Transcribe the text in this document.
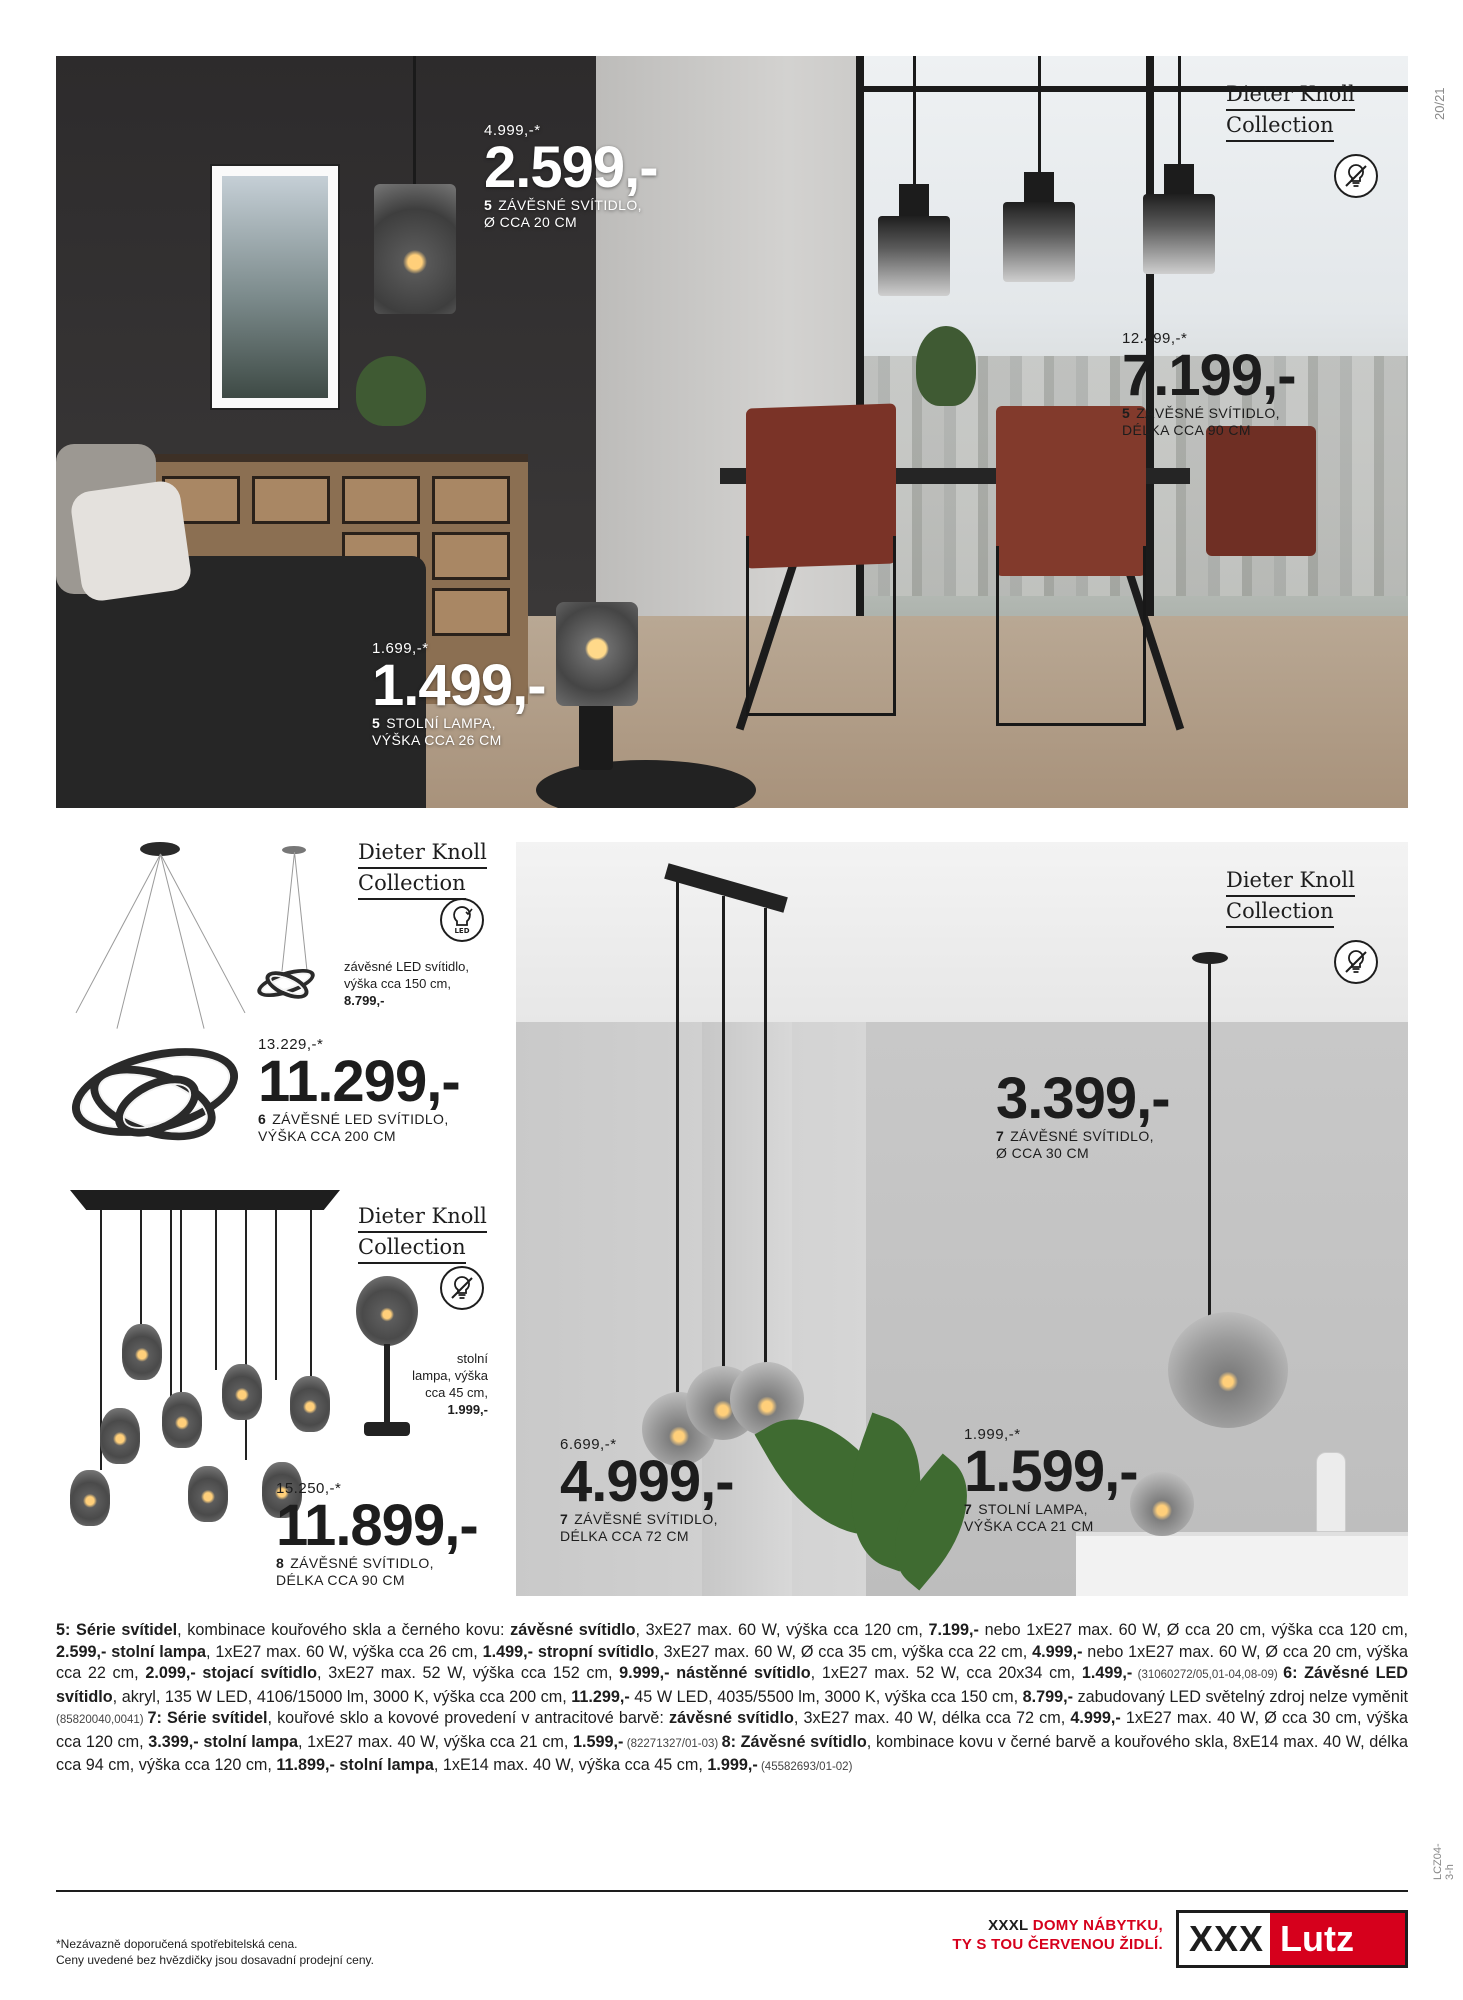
Dieter Knoll
Collection
4.999,-*
2.599,-
5 ZÁVĚSNÉ SVÍTIDLO,
Ø CCA 20 CM
12.499,-*
7.199,-
5 ZÁVĚSNÉ SVÍTIDLO,
DÉLKA CCA 90 CM
1.699,-*
1.499,-
5 STOLNÍ LAMPA,
VÝŠKA CCA 26 CM
Dieter Knoll
Collection
LED
závěsné LED svítidlo,
výška cca 150 cm,
8.799,-
13.229,-*
11.299,-
6 ZÁVĚSNÉ LED SVÍTIDLO,
VÝŠKA CCA 200 CM
Dieter Knoll
Collection
stolní
lampa, výška
cca 45 cm,
1.999,-
15.250,-*
11.899,-
8 ZÁVĚSNÉ SVÍTIDLO,
DÉLKA CCA 90 CM
Dieter Knoll
Collection
3.399,-
7 ZÁVĚSNÉ SVÍTIDLO,
Ø CCA 30 CM
6.699,-*
4.999,-
7 ZÁVĚSNÉ SVÍTIDLO,
DÉLKA CCA 72 CM
1.999,-*
1.599,-
7 STOLNÍ LAMPA,
VÝŠKA CCA 21 CM
5: Série svítidel, kombinace kouřového skla a černého kovu: závěsné svítidlo, 3xE27 max. 60 W, výška cca 120 cm, 7.199,- nebo 1xE27 max. 60 W, Ø cca 20 cm, výška cca 120 cm, 2.599,- stolní lampa, 1xE27 max. 60 W, výška cca 26 cm, 1.499,- stropní svítidlo, 3xE27 max. 60 W, Ø cca 35 cm, výška cca 22 cm, 4.999,- nebo 1xE27 max. 60 W, Ø cca 20 cm, výška cca 22 cm, 2.099,- stojací svítidlo, 3xE27 max. 52 W, výška cca 152 cm, 9.999,- nástěnné svítidlo, 1xE27 max. 52 W, cca 20x34 cm, 1.499,- (31060272/05,01-04,08-09) 6: Závěsné LED svítidlo, akryl, 135 W LED, 4106/15000 lm, 3000 K, výška cca 200 cm, 11.299,- 45 W LED, 4035/5500 lm, 3000 K, výška cca 150 cm, 8.799,- zabudovaný LED světelný zdroj nelze vyměnit (85820040,0041) 7: Série svítidel, kouřové sklo a kovové provedení v antracitové barvě: závěsné svítidlo, 3xE27 max. 40 W, délka cca 72 cm, 4.999,- 1xE27 max. 40 W, Ø cca 30 cm, výška cca 120 cm, 3.399,- stolní lampa, 1xE27 max. 40 W, výška cca 21 cm, 1.599,- (82271327/01-03) 8: Závěsné svítidlo, kombinace kovu v černé barvě a kouřového skla, 8xE14 max. 40 W, délka cca 94 cm, výška cca 120 cm, 11.899,- stolní lampa, 1xE14 max. 40 W, výška cca 45 cm, 1.999,- (45582693/01-02)
*Nezávazně doporučená spotřebitelská cena.
Ceny uvedené bez hvězdičky jsou dosavadní prodejní ceny.
XXXL DOMY NÁBYTKU,
TY S TOU ČERVENOU ŽIDLÍ. XXX Lutz
20/21
LCZ04-3-h
